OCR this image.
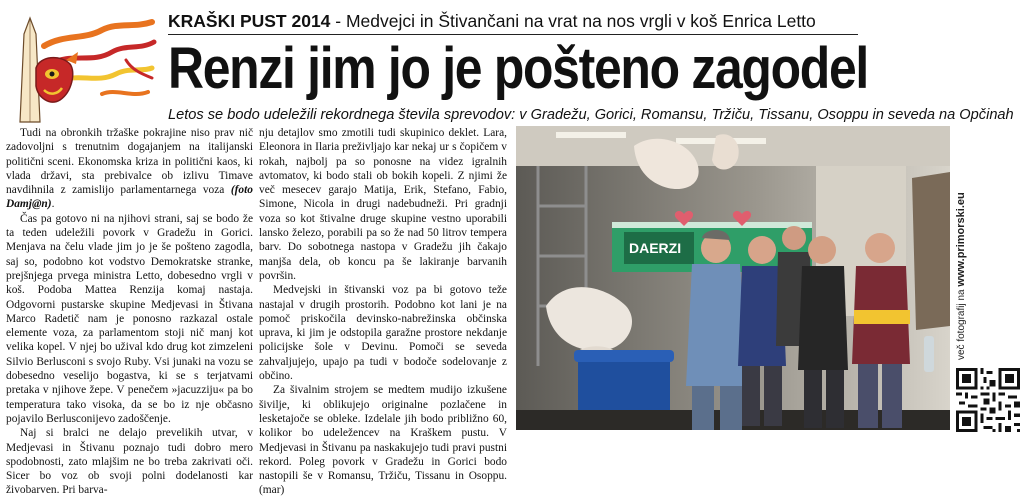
KRAŠKI PUST 2014 - Medvejci in Štivančani na vrat na nos vrgli v koš Enrica Letto
Renzi jim jo je pošteno zagodel
Letos se bodo udeležili rekordnega števila sprevodov: v Gradežu, Gorici, Romansu, Tržiču, Tissanu, Osoppu in seveda na Opčinah

Tudi na obronkih tržaške pokrajine niso prav nič zadovoljni s trenutnim dogajanjem na italijanski politični sceni. Ekonomska kriza in politični kaos, ki vlada državi, sta prebivalce ob izlivu Timave navdihnila z zamislijo parlamentarnega voza (foto Damj@n).

Čas pa gotovo ni na njihovi strani, saj se bodo že ta teden udeležili povork v Gradežu in Gorici. Menjava na čelu vlade jim jo je še pošteno zagodla, saj so, podobno kot vodstvo Demokratske stranke, prejšnjega prvega ministra Letto, dobesedno vrgli v koš. Podoba Mattea Renzija komaj nastaja. Odgovorni pustarske skupine Medjevasi in Štivana Marco Radetič nam je ponosno razkazal ostale elemente voza, za parlamentom stoji nič manj kot velika kopel. V njej bo užival kdo drug kot zimzeleni Silvio Berlusconi s svojo Ruby. Vsi junaki na vozu se dobesedno veselijo bogastva, ki se s terjatvami pretaka v njihove žepe. V penečem »jacuzziju« pa bo temperatura tako visoka, da se bo iz nje občasno pojavilo Berlusconijevo zadoščenje.

Naj si bralci ne delajo prevelikih utvar, v Medjevasi in Štivanu poznajo tudi dobro mero spodobnosti, zato mlajšim ne bo treba zakrivati oči. Sicer bo voz ob svoji polni dodelanosti kar živobarven. Pri barva-

nju detajlov smo zmotili tudi skupinico deklet. Lara, Eleonora in Ilaria preživljajo kar nekaj ur s čopičem v rokah, najbolj pa so ponosne na videz igralnih avtomatov, ki bodo stali ob bokih kopeli. Z njimi že več mesecev garajo Matija, Erik, Stefano, Fabio, Simone, Nicola in drugi nadebudneži. Pri gradnji voza so kot štivalne druge skupine vestno uporabili lansko železo, porabili pa so že nad 50 litrov tempera barv. Do sobotnega nastopa v Gradežu jih čakajo manjša dela, ob koncu pa še lakiranje barvanih površin.

Medvejski in štivanski voz pa bi gotovo teže nastajal v drugih prostorih. Podobno kot lani je na pomoč priskočila devinsko-nabrežinska občinska uprava, ki jim je odstopila garažne prostore nekdanje policijske šole v Devinu. Pomoči se seveda zahvaljujejo, upajo pa tudi v bodoče sodelovanje z občino.

Za šivalnim strojem se medtem mudijo izkušene šivilje, ki oblikujejo originalne pozlačene in lesketajoče se obleke. Izdelale jih bodo približno 60, kolikor bo udeležencev na Kraškem pustu. V Medjevasi in Štivanu pa naskakujejo tudi pravi pustni rekord. Poleg povork v Gradežu in Gorici bodo nastopili še v Romansu, Tržiču, Tissanu in Osoppu. (mar)

DAERZI
več fotografij na www.primorski.eu
